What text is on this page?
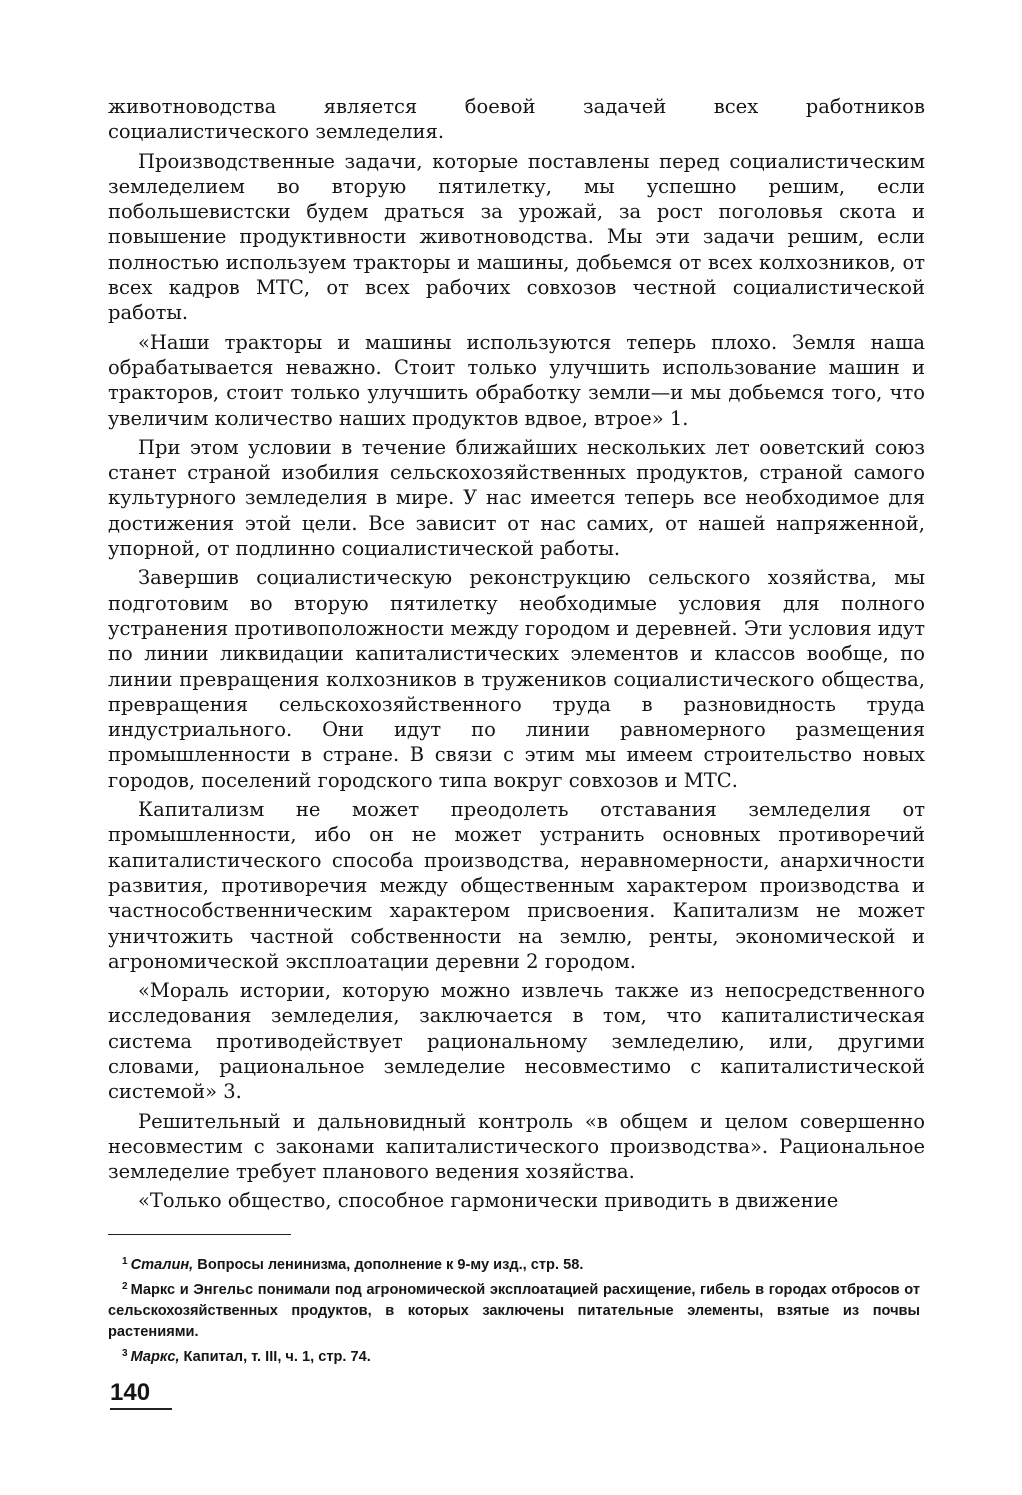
животноводства является боевой задачей всех работников социалистического земледелия.

Производственные задачи, которые поставлены перед социалистическим земледелием во вторую пятилетку, мы успешно решим, если побольшевистски будем драться за урожай, за рост поголовья скота и повышение продуктивности животноводства. Мы эти задачи решим, если полностью используем тракторы и машины, добьемся от всех колхозников, от всех кадров МТС, от всех рабочих совхозов честной социалистической работы.

«Наши тракторы и машины используются теперь плохо. Земля наша обрабатывается неважно. Стоит только улучшить использование машин и тракторов, стоит только улучшить обработку земли—и мы добьемся того, что увеличим количество наших продуктов вдвое, втрое» 1.

При этом условии в течение ближайших нескольких лет ооветский союз станет страной изобилия сельскохозяйственных продуктов, страной самого культурного земледелия в мире. У нас имеется теперь все необходимое для достижения этой цели. Все зависит от нас самих, от нашей напряженной, упорной, от подлинно социалистической работы.

Завершив социалистическую реконструкцию сельского хозяйства, мы подготовим во вторую пятилетку необходимые условия для полного устранения противоположности между городом и деревней. Эти условия идут по линии ликвидации капиталистических элементов и классов вообще, по линии превращения колхозников в тружеников социалистического общества, превращения сельскохозяйственного труда в разновидность труда индустриального. Они идут по линии равномерного размещения промышленности в стране. В связи с этим мы имеем строительство новых городов, поселений городского типа вокруг совхозов и МТС.

Капитализм не может преодолеть отставания земледелия от промышленности, ибо он не может устранить основных противоречий капиталистического способа производства, неравномерности, анархичности развития, противоречия между общественным характером производства и частнособственническим характером присвоения. Капитализм не может уничтожить частной собственности на землю, ренты, экономической и агрономической эксплоатации деревни 2 городом.

«Мораль истории, которую можно извлечь также из непосредственного исследования земледелия, заключается в том, что капиталистическая система противодействует рациональному земледелию, или, другими словами, рациональное земледелие несовместимо с капиталистической системой» 3.

Решительный и дальновидный контроль «в общем и целом совершенно несовместим с законами капиталистического производства». Рациональное земледелие требует планового ведения хозяйства.

«Только общество, способное гармонически приводить в движение

$^1$ Сталин, Вопросы ленинизма, дополнение к 9-му изд., стр. 58.

$^2$ Маркс и Энгельс понимали под агрономической эксплоатацией расхищение, гибель в городах отбросов от сельскохозяйственных продуктов, в которых заключены питательные элементы, взятые из почвы растениями.

$^3$ Маркс, Капитал, т. III, ч. 1, стр. 74.

140
